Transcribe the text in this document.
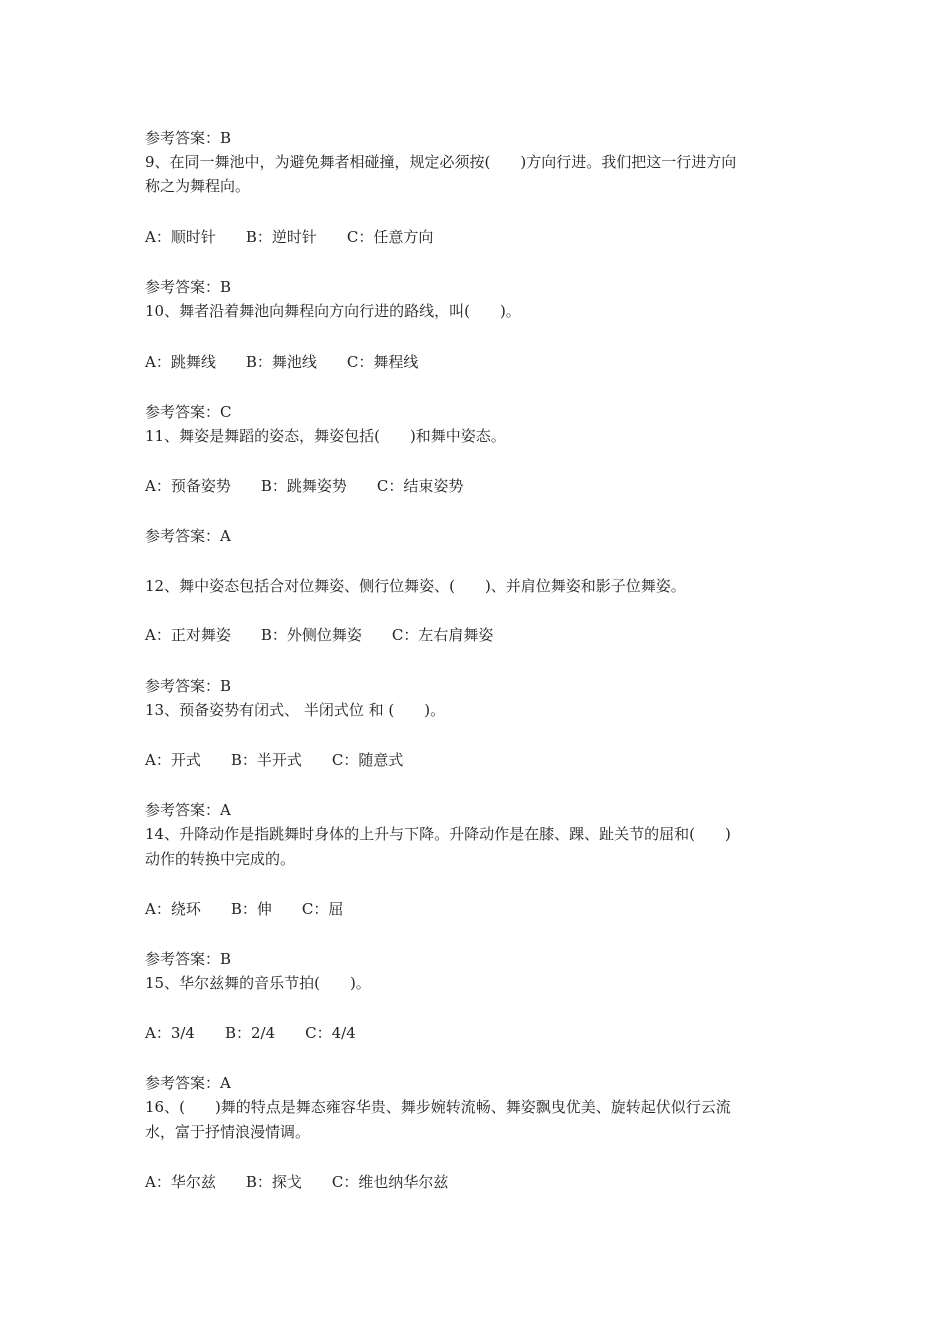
参考答案：B
9、在同一舞池中，为避免舞者相碰撞，规定必须按(　　)方向行进。我们把这一行进方向
称之为舞程向。
A：顺时针　　B：逆时针　　C：任意方向
参考答案：B
10、舞者沿着舞池向舞程向方向行进的路线，叫(　　)。
A：跳舞线　　B：舞池线　　C：舞程线
参考答案：C
11、舞姿是舞蹈的姿态，舞姿包括(　　)和舞中姿态。
A：预备姿势　　B：跳舞姿势　　C：结束姿势
参考答案：A
12、舞中姿态包括合对位舞姿、侧行位舞姿、(　　)、并肩位舞姿和影子位舞姿。
A：正对舞姿　　B：外侧位舞姿　　C：左右肩舞姿
参考答案：B
13、预备姿势有闭式、 半闭式位 和 (　　)。
A：开式　　B：半开式　　C：随意式
参考答案：A
14、升降动作是指跳舞时身体的上升与下降。升降动作是在膝、踝、趾关节的屈和(　　)
动作的转换中完成的。
A：绕环　　B：伸　　C：屈
参考答案：B
15、华尔兹舞的音乐节拍(　　)。
A：3/4　　B：2/4　　C：4/4
参考答案：A
16、(　　)舞的特点是舞态雍容华贵、舞步婉转流畅、舞姿飘曳优美、旋转起伏似行云流
水，富于抒情浪漫情调。
A：华尔兹　　B：探戈　　C：维也纳华尔兹
